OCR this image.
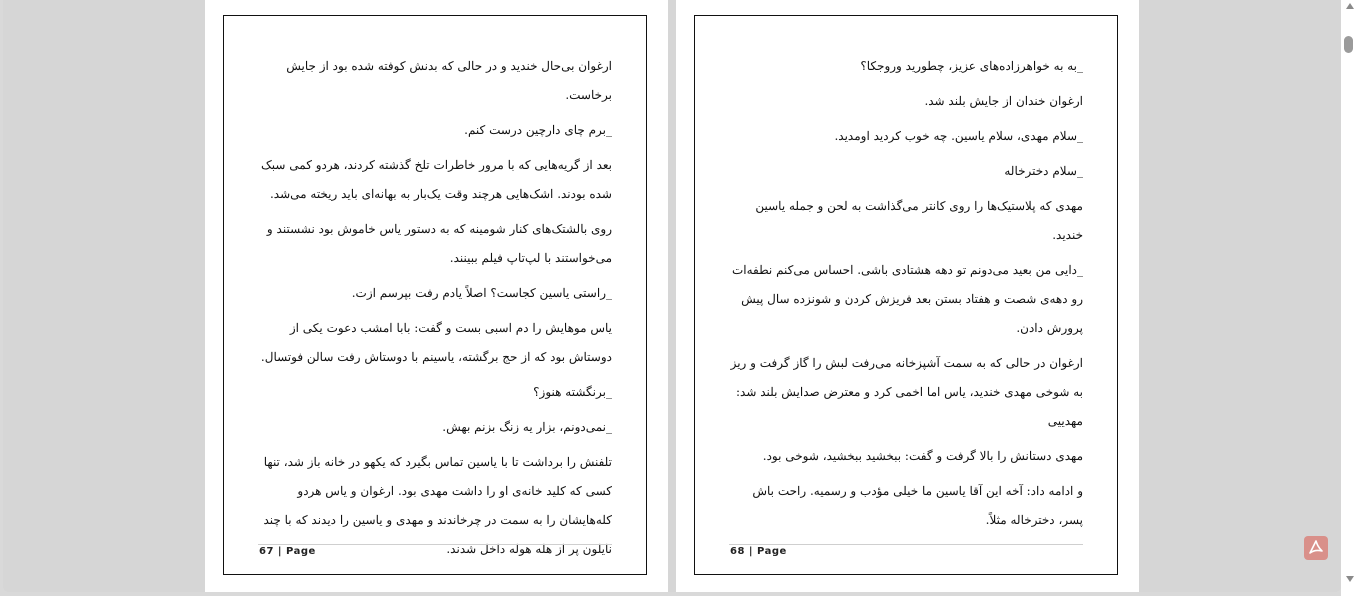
ارغوان بی‌حال خندید و در حالی که بدنش کوفته شده بود از جایش برخاست.

_برم چای دارچین درست کنم.

بعد از گریه‌هایی که با مرور خاطرات تلخ گذشته کردند، هردو کمی سبک شده بودند. اشک‌هایی هرچند وقت یک‌بار به بهانه‌ای باید ریخته می‌شد.

روی بالشتک‌های کنار شومینه که به دستور یاس خاموش بود نشستند و می‌خواستند با لپ‌تاپ فیلم ببینند.

_راستی یاسین کجاست؟ اصلاً یادم رفت بپرسم ازت.

یاس موهایش را دم اسبی بست و گفت: بابا امشب دعوت یکی از دوستاش بود که از حج برگشته، یاسینم با دوستاش رفت سالن فوتسال.

_برنگشته هنوز؟

_نمی‌دونم، بزار یه زنگ بزنم بهش.

تلفنش را برداشت تا با یاسین تماس بگیرد که یکهو در خانه باز شد، تنها کسی که کلید خانه‌ی او را داشت مهدی بود. ارغوان و یاس هردو کله‌هایشان را به سمت در چرخاندند و مهدی و یاسین را دیدند که با چند نایلون پر از هله هوله داخل شدند.

67 | Page

_به به خواهرزاده‌های عزیز، چطورید وروجکا؟

ارغوان خندان از جایش بلند شد.

_سلام مهدی، سلام یاسین. چه خوب کردید اومدید.

_سلام دخترخاله

مهدی که پلاستیک‌ها را روی کانتر می‌گذاشت به لحن و جمله یاسین خندید.

_دایی من بعید می‌دونم تو دهه هشتادی باشی. احساس می‌کنم نطفه‌ات رو دهه‌ی شصت و هفتاد بستن بعد فریزش کردن و شونزده سال پیش پرورش دادن.

ارغوان در حالی که به سمت آشپزخانه می‌رفت لبش را گاز گرفت و ریز به شوخی مهدی خندید، یاس اما اخمی کرد و معترض صدایش بلند شد: مهدییی

مهدی دستانش را بالا گرفت و گفت: ببخشید ببخشید، شوخی بود.

و ادامه داد: آخه این آقا یاسین ما خیلی مؤدب و رسمیه. راحت باش پسر، دخترخاله مثلاً.

68 | Page
